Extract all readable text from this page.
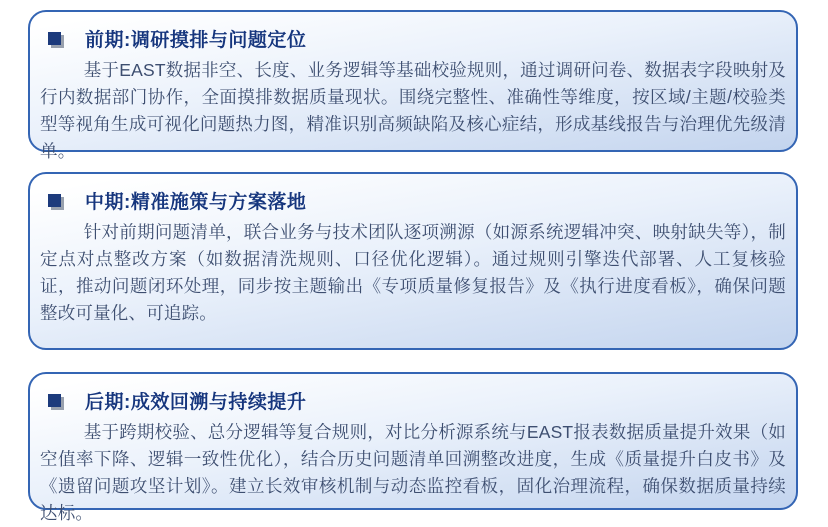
前期:调研摸排与问题定位

基于EAST数据非空、长度、业务逻辑等基础校验规则，通过调研问卷、数据表字段映射及行内数据部门协作，全面摸排数据质量现状。围绕完整性、准确性等维度，按区域/主题/校验类型等视角生成可视化问题热力图，精准识别高频缺陷及核心症结，形成基线报告与治理优先级清单。

中期:精准施策与方案落地

针对前期问题清单，联合业务与技术团队逐项溯源（如源系统逻辑冲突、映射缺失等），制定点对点整改方案（如数据清洗规则、口径优化逻辑）。通过规则引擎迭代部署、人工复核验证，推动问题闭环处理，同步按主题输出《专项质量修复报告》及《执行进度看板》，确保问题整改可量化、可追踪。

后期:成效回溯与持续提升

基于跨期校验、总分逻辑等复合规则，对比分析源系统与EAST报表数据质量提升效果（如空值率下降、逻辑一致性优化），结合历史问题清单回溯整改进度，生成《质量提升白皮书》及《遗留问题攻坚计划》。建立长效审核机制与动态监控看板，固化治理流程，确保数据质量持续达标。
